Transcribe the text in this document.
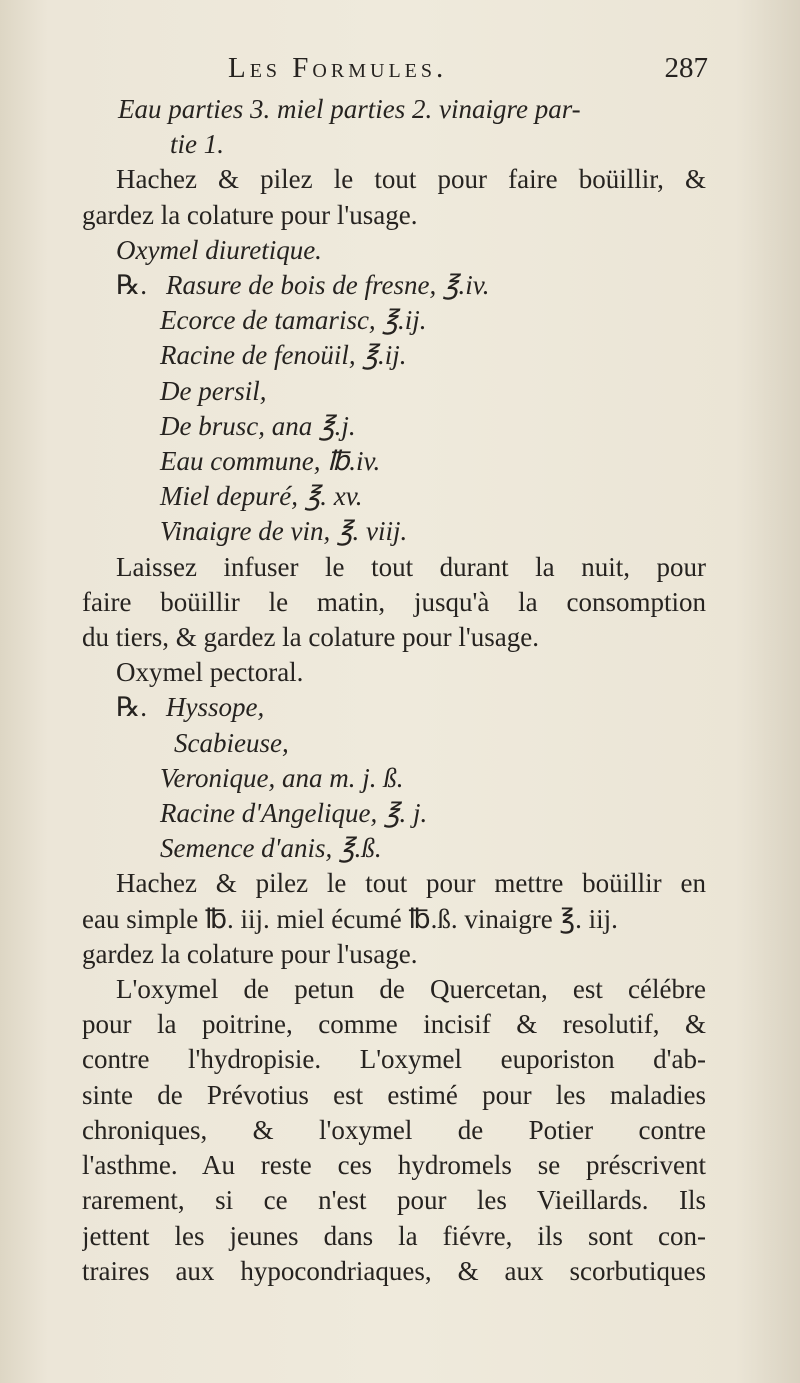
Les Formules.	287
Eau parties 3. miel parties 2. vinaigre par-
tie 1.
Hachez & pilez le tout pour faire boüillir, &
gardez la colature pour l'usage.
Oxymel diuretique.
℞. Rasure de bois de fresne, ℥.iv.
Ecorce de tamarisc, ℥.ij.
Racine de fenoüil, ℥.ij.
De persil,
De brusc, ana ℥.j.
Eau commune, ℔.iv.
Miel depuré, ℥. xv.
Vinaigre de vin, ℥. viij.
Laissez infuser le tout durant la nuit, pour
faire boüillir le matin, jusqu'à la consomption
du tiers, & gardez la colature pour l'usage.
Oxymel pectoral.
℞. Hyssope,
Scabieuse,
Veronique, ana m. j. ß.
Racine d'Angelique, ℥. j.
Semence d'anis, ℥.ß.
Hachez & pilez le tout pour mettre boüillir en
eau simple ℔. iij. miel écumé ℔.ß. vinaigre ℥. iij.
gardez la colature pour l'usage.
L'oxymel de petun de Quercetan, est célébre
pour la poitrine, comme incisif & resolutif, &
contre l'hydropisie. L'oxymel euporiston d'ab-
sinte de Prévotius est estimé pour les maladies
chroniques, & l'oxymel de Potier contre
l'asthme. Au reste ces hydromels se préscrivent
rarement, si ce n'est pour les Vieillards. Ils
jettent les jeunes dans la fiévre, ils sont con-
traires aux hypocondriaques, & aux scorbutiques
